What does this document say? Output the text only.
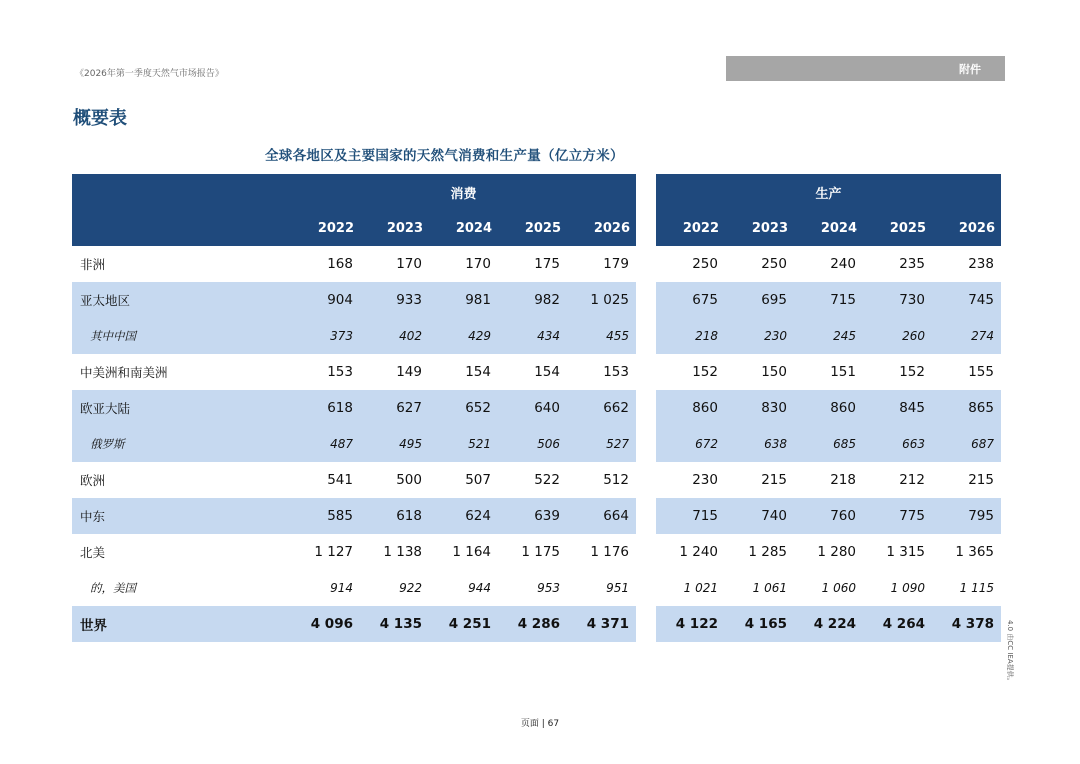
《2026年第一季度天然气市场报告》	附件
概要表
全球各地区及主要国家的天然气消费和生产量（亿立方米）
	消费						生产				
	2022	2023	2024	2025	2026		2022	2023	2024	2025	2026
非洲	168	170	170	175	179		250	250	240	235	238
亚太地区	904	933	981	982	1 025		675	695	715	730	745
其中中国	373	402	429	434	455		218	230	245	260	274
中美洲和南美洲	153	149	154	154	153		152	150	151	152	155
欧亚大陆	618	627	652	640	662		860	830	860	845	865
俄罗斯	487	495	521	506	527		672	638	685	663	687
欧洲	541	500	507	522	512		230	215	218	212	215
中东	585	618	624	639	664		715	740	760	775	795
北美	1 127	1 138	1 164	1 175	1 176		1 240	1 285	1 280	1 315	1 365
的，美国	914	922	944	953	951		1 021	1 061	1 060	1 090	1 115
世界	4 096	4 135	4 251	4 286	4 371		4 122	4 165	4 224	4 264	4 378 4.0 由CC IEA提供。
页面 | 67
